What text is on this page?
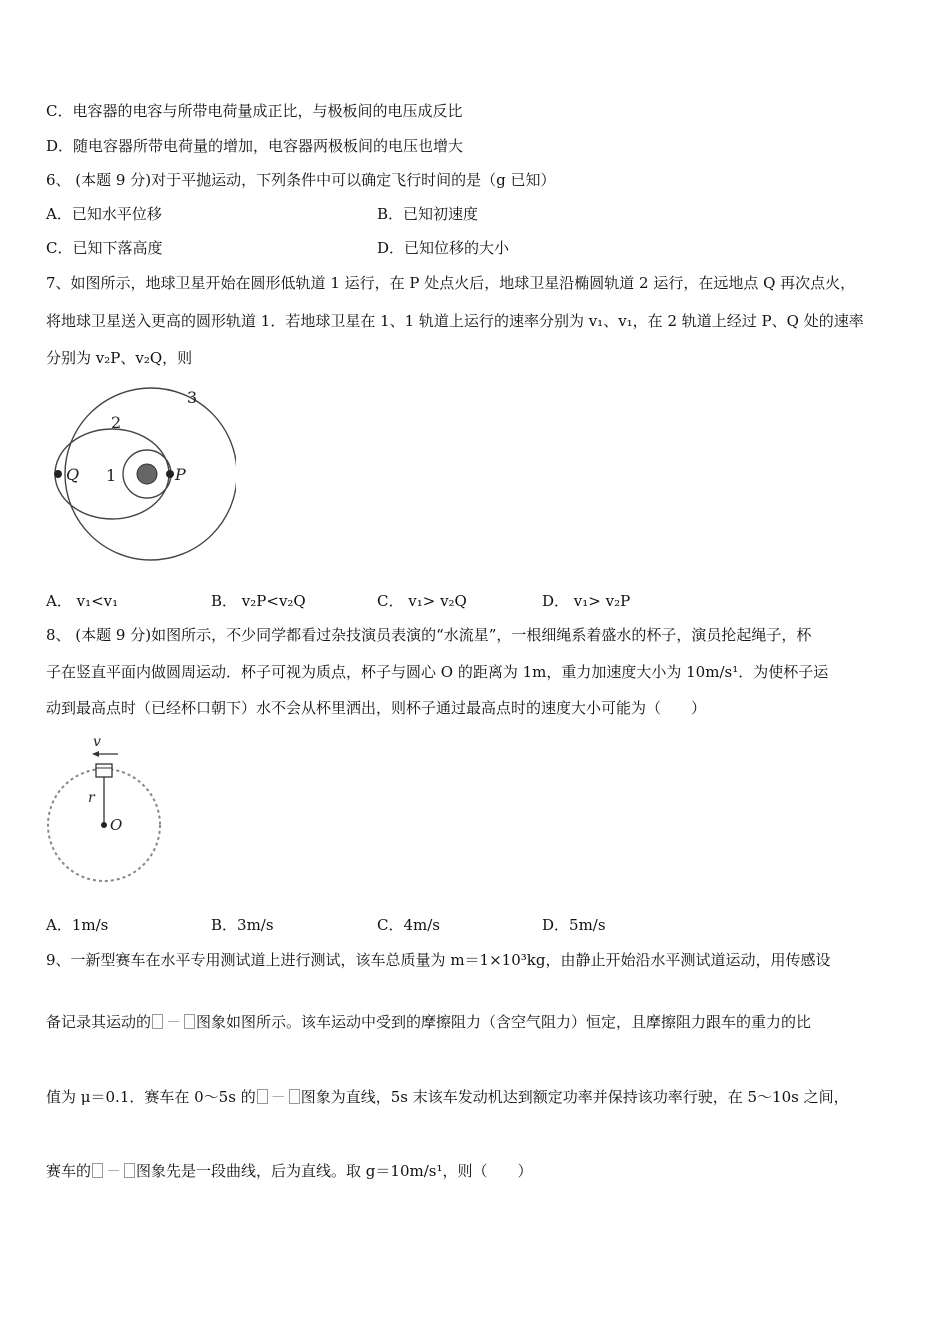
C．电容器的电容与所带电荷量成正比，与极板间的电压成反比
D．随电容器所带电荷量的增加，电容器两极板间的电压也增大
6、 (本题 9 分)对于平抛运动，下列条件中可以确定飞行时间的是（g 已知）
A．已知水平位移	B．已知初速度
C．已知下落高度	D．已知位移的大小
7、如图所示，地球卫星开始在圆形低轨道 1 运行，在 P 处点火后，地球卫星沿椭圆轨道 2 运行，在远地点 Q 再次点火，
将地球卫星送入更高的圆形轨道 1．若地球卫星在 1、1 轨道上运行的速率分别为 v₁、v₁，在 2 轨道上经过 P、Q 处的速率
分别为 v₂P、v₂Q，则
Q	P
1
2
3
A． v₁<v₁	B． v₂P<v₂Q	C． v₁> v₂Q	D． v₁> v₂P
8、 (本题 9 分)如图所示，不少同学都看过杂技演员表演的“水流星”，一根细绳系着盛水的杯子，演员抡起绳子，杯
子在竖直平面内做圆周运动．杯子可视为质点，杯子与圆心 O 的距离为 1m，重力加速度大小为 10m/s¹．为使杯子运
动到最高点时（已经杯口朝下）水不会从杯里洒出，则杯子通过最高点时的速度大小可能为（　　）
v
r
O
A．1m/s	B．3m/s	C．4m/s	D．5m/s
9、一新型赛车在水平专用测试道上进行测试，该车总质量为 m＝1×10³kg，由静止开始沿水平测试道运动，用传感设
备记录其运动的 － 图象如图所示。该车运动中受到的摩擦阻力（含空气阻力）恒定，且摩擦阻力跟车的重力的比
值为 μ＝0.1．赛车在 0～5s 的 － 图象为直线，5s 末该车发动机达到额定功率并保持该功率行驶，在 5～10s 之间，
赛车的 － 图象先是一段曲线，后为直线。取 g＝10m/s¹，则（　　）
